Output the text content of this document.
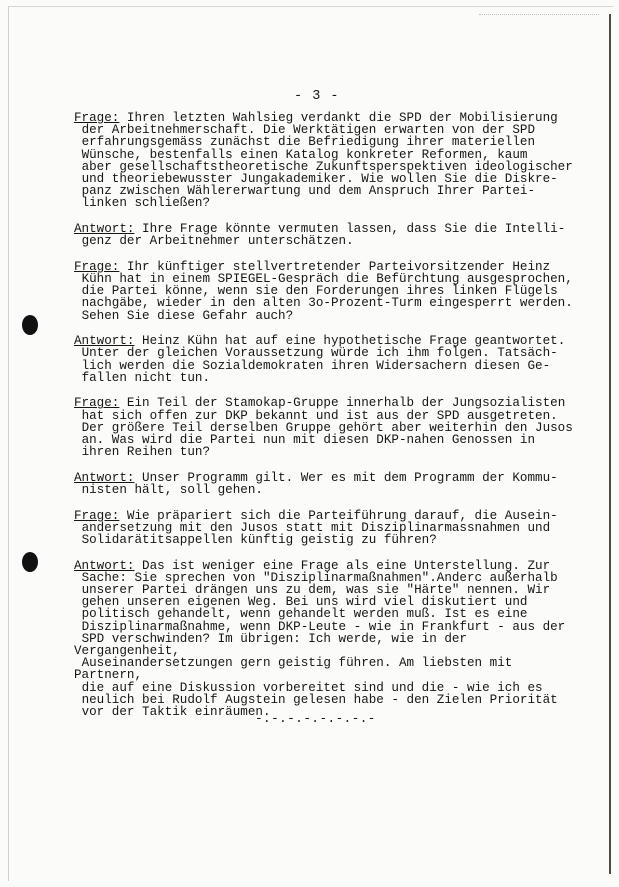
- 3 -

Frage: Ihren letzten Wahlsieg verdankt die SPD der Mobilisierung
der Arbeitnehmerschaft. Die Werktätigen erwarten von der SPD
erfahrungsgemäss zunächst die Befriedigung ihrer materiellen
Wünsche, bestenfalls einen Katalog konkreter Reformen, kaum
aber gesellschaftstheoretische Zukunftsperspektiven ideologischer
und theoriebewusster Jungakademiker. Wie wollen Sie die Diskre-
panz zwischen Wählererwartung und dem Anspruch Ihrer Partei-
linken schließen?

Antwort: Ihre Frage könnte vermuten lassen, dass Sie die Intelli-
genz der Arbeitnehmer unterschätzen.

Frage: Ihr künftiger stellvertretender Parteivorsitzender Heinz
Kühn hat in einem SPIEGEL-Gespräch die Befürchtung ausgesprochen,
die Partei könne, wenn sie den Forderungen ihres linken Flügels
nachgäbe, wieder in den alten 3o-Prozent-Turm eingesperrt werden.
Sehen Sie diese Gefahr auch?

Antwort: Heinz Kühn hat auf eine hypothetische Frage geantwortet.
Unter der gleichen Voraussetzung würde ich ihm folgen. Tatsäch-
lich werden die Sozialdemokraten ihren Widersachern diesen Ge-
fallen nicht tun.

Frage: Ein Teil der Stamokap-Gruppe innerhalb der Jungsozialisten
hat sich offen zur DKP bekannt und ist aus der SPD ausgetreten.
Der größere Teil derselben Gruppe gehört aber weiterhin den Jusos
an. Was wird die Partei nun mit diesen DKP-nahen Genossen in
ihren Reihen tun?

Antwort: Unser Programm gilt. Wer es mit dem Programm der Kommu-
nisten hält, soll gehen.

Frage: Wie präpariert sich die Parteiführung darauf, die Ausein-
andersetzung mit den Jusos statt mit Disziplinarmassnahmen und
Solidarätitsappellen künftig geistig zu führen?

Antwort: Das ist weniger eine Frage als eine Unterstellung. Zur
Sache: Sie sprechen von "Disziplinarmaßnahmen".Anderc außerhalb
unserer Partei drängen uns zu dem, was sie "Härte" nennen. Wir
gehen unseren eigenen Weg. Bei uns wird viel diskutiert und
politisch gehandelt, wenn gehandelt werden muß. Ist es eine
Disziplinarmaßnahme, wenn DKP-Leute - wie in Frankfurt - aus der
SPD verschwinden? Im übrigen: Ich werde, wie in der Vergangenheit,
Auseinandersetzungen gern geistig führen. Am liebsten mit Partnern,
die auf eine Diskussion vorbereitet sind und die - wie ich es
neulich bei Rudolf Augstein gelesen habe - den Zielen Priorität
vor der Taktik einräumen.

-.-.-.-.-.-.-.-
